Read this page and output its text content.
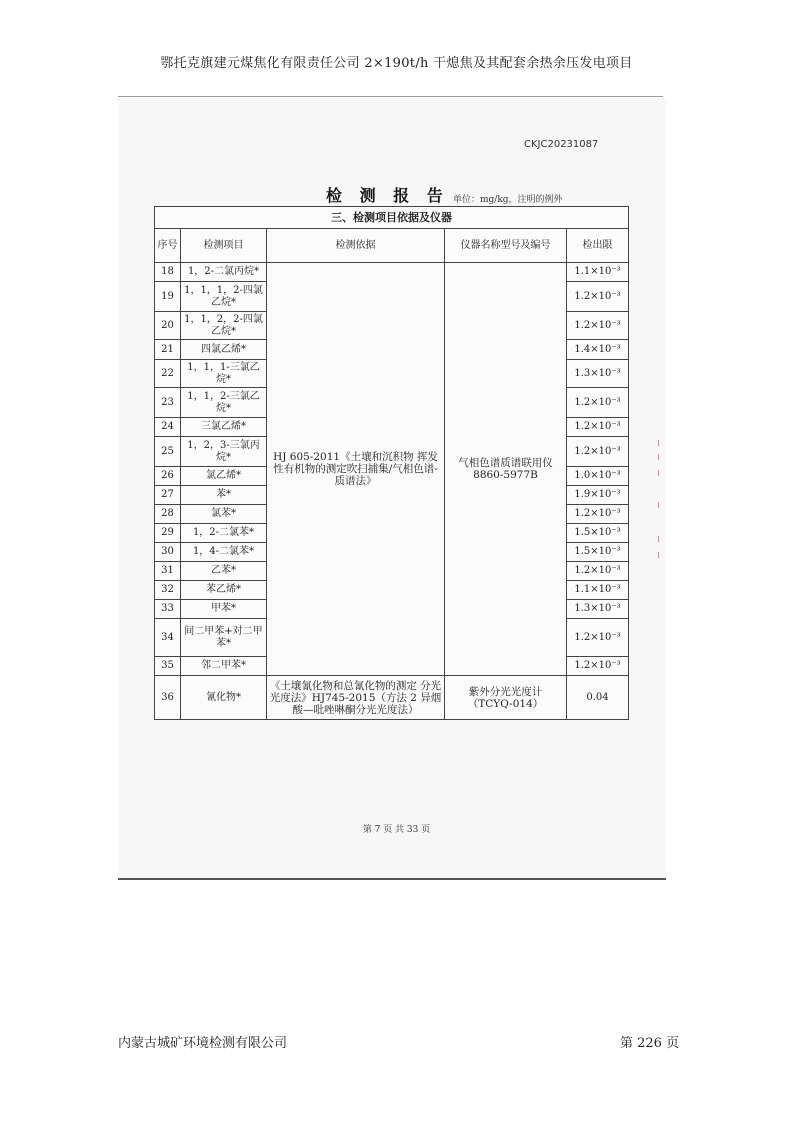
鄂托克旗建元煤焦化有限责任公司 2×190t/h 干熄焦及其配套余热余压发电项目
CKJC20231087
检 测 报 告 单位：mg/kg，注明的例外
三、检测项目依据及仪器				
序号	检测项目	检测依据	仪器名称型号及编号	检出限
18	1，2-二氯丙烷*	HJ 605-2011《土壤和沉积物 挥发性有机物的测定吹扫捕集/气相色谱-质谱法》	气相色谱质谱联用仪 8860-5977B	1.1×10⁻³
19	1，1，1，2-四氯乙烷*			1.2×10⁻³
20	1，1，2，2-四氯乙烷*			1.2×10⁻³
21	四氯乙烯*			1.4×10⁻³
22	1，1，1-三氯乙烷*			1.3×10⁻³
23	1，1，2-三氯乙烷*			1.2×10⁻³
24	三氯乙烯*			1.2×10⁻³
25	1，2，3-三氯丙烷*			1.2×10⁻³
26	氯乙烯*			1.0×10⁻³
27	苯*			1.9×10⁻³
28	氯苯*			1.2×10⁻³
29	1，2-二氯苯*			1.5×10⁻³
30	1，4-二氯苯*			1.5×10⁻³
31	乙苯*			1.2×10⁻³
32	苯乙烯*			1.1×10⁻³
33	甲苯*			1.3×10⁻³
34	间二甲苯+对二甲苯*			1.2×10⁻³
35	邻二甲苯*			1.2×10⁻³
36	氰化物*	《土壤氰化物和总氰化物的测定 分光光度法》HJ745-2015（方法 2 异烟酸—吡唑啉酮分光光度法）	紫外分光光度计（TCYQ-014）	0.04
第 7 页 共 33 页
内蒙古城矿环境检测有限公司	第 226 页
